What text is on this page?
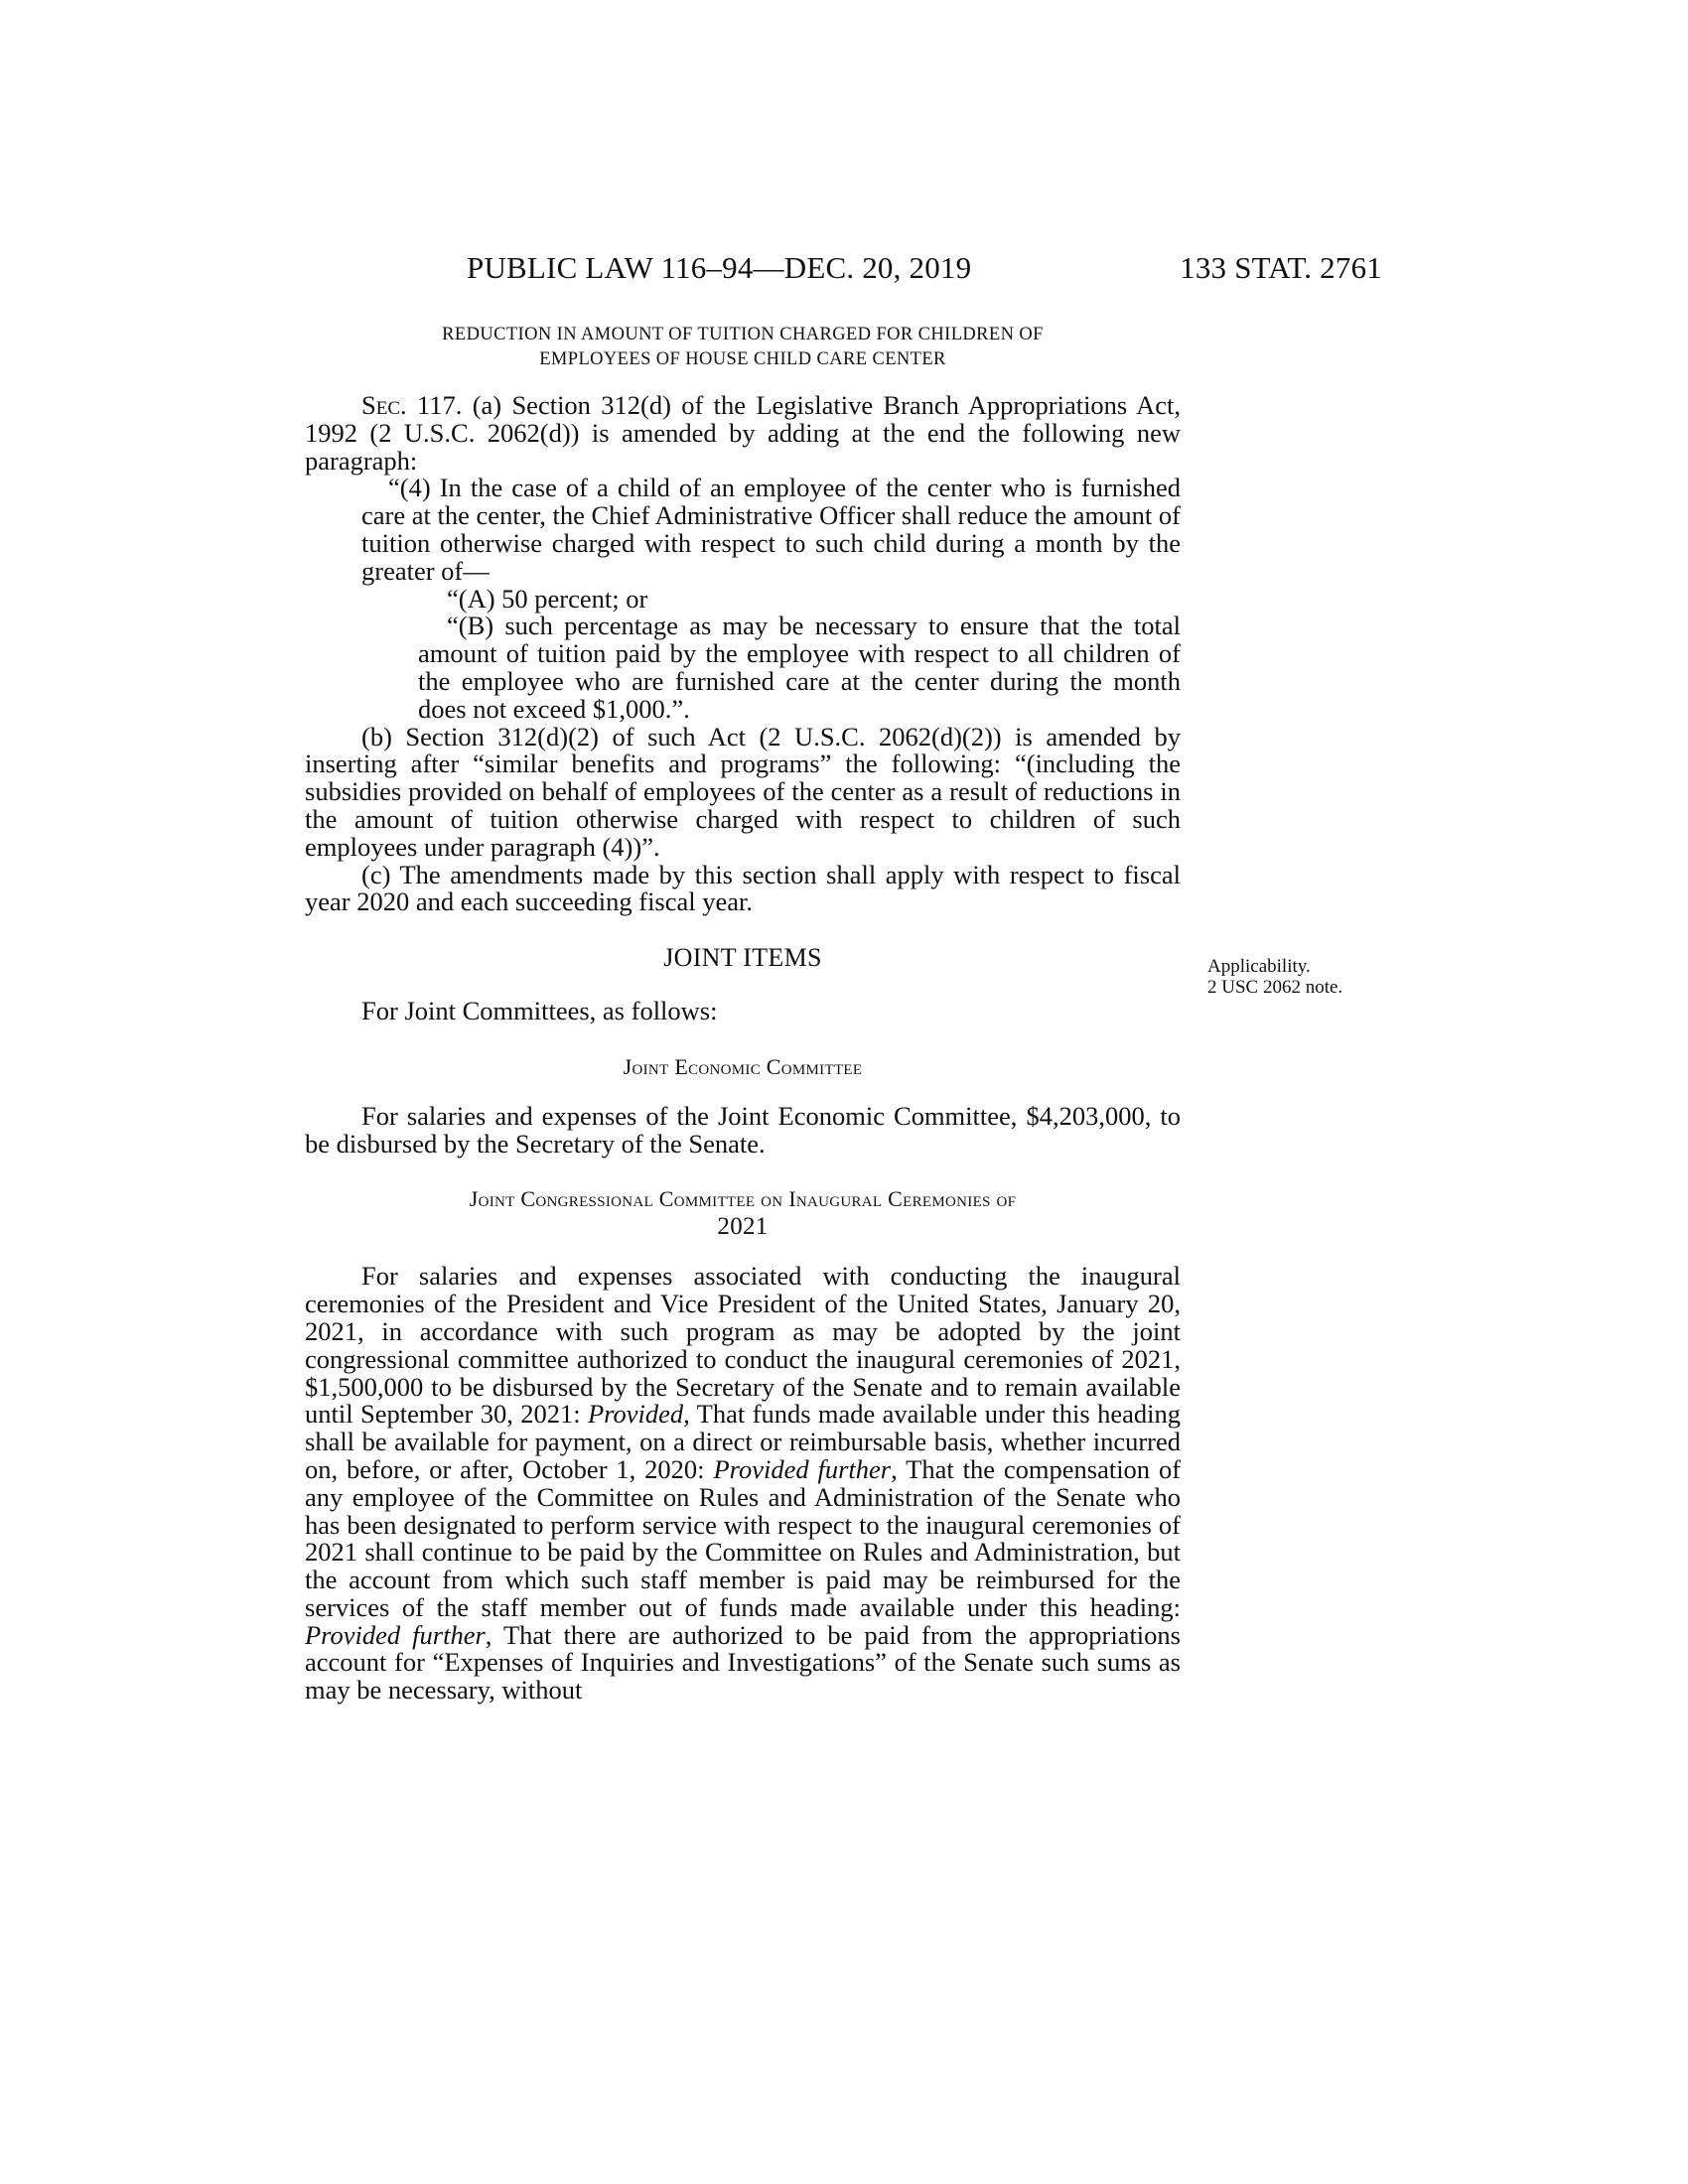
PUBLIC LAW 116–94—DEC. 20, 2019	133 STAT. 2761
REDUCTION IN AMOUNT OF TUITION CHARGED FOR CHILDREN OF
EMPLOYEES OF HOUSE CHILD CARE CENTER

Sec. 117. (a) Section 312(d) of the Legislative Branch Appropriations Act, 1992 (2 U.S.C. 2062(d)) is amended by adding at the end the following new paragraph:

“(4) In the case of a child of an employee of the center who is furnished care at the center, the Chief Administrative Officer shall reduce the amount of tuition otherwise charged with respect to such child during a month by the greater of—

“(A) 50 percent; or

“(B) such percentage as may be necessary to ensure that the total amount of tuition paid by the employee with respect to all children of the employee who are furnished care at the center during the month does not exceed $1,000.”.

(b) Section 312(d)(2) of such Act (2 U.S.C. 2062(d)(2)) is amended by inserting after “similar benefits and programs” the following: “(including the subsidies provided on behalf of employees of the center as a result of reductions in the amount of tuition otherwise charged with respect to children of such employees under paragraph (4))”.

(c) The amendments made by this section shall apply with respect to fiscal year 2020 and each succeeding fiscal year.

JOINT ITEMS

For Joint Committees, as follows:

Joint Economic Committee

For salaries and expenses of the Joint Economic Committee, $4,203,000, to be disbursed by the Secretary of the Senate.

Joint Congressional Committee on Inaugural Ceremonies of
2021

For salaries and expenses associated with conducting the inaugural ceremonies of the President and Vice President of the United States, January 20, 2021, in accordance with such program as may be adopted by the joint congressional committee authorized to conduct the inaugural ceremonies of 2021, $1,500,000 to be disbursed by the Secretary of the Senate and to remain available until September 30, 2021: Provided, That funds made available under this heading shall be available for payment, on a direct or reimbursable basis, whether incurred on, before, or after, October 1, 2020: Provided further, That the compensation of any employee of the Committee on Rules and Administration of the Senate who has been designated to perform service with respect to the inaugural ceremonies of 2021 shall continue to be paid by the Committee on Rules and Administration, but the account from which such staff member is paid may be reimbursed for the services of the staff member out of funds made available under this heading: Provided further, That there are authorized to be paid from the appropriations account for “Expenses of Inquiries and Investigations” of the Senate such sums as may be necessary, without

Applicability.
2 USC 2062 note.
